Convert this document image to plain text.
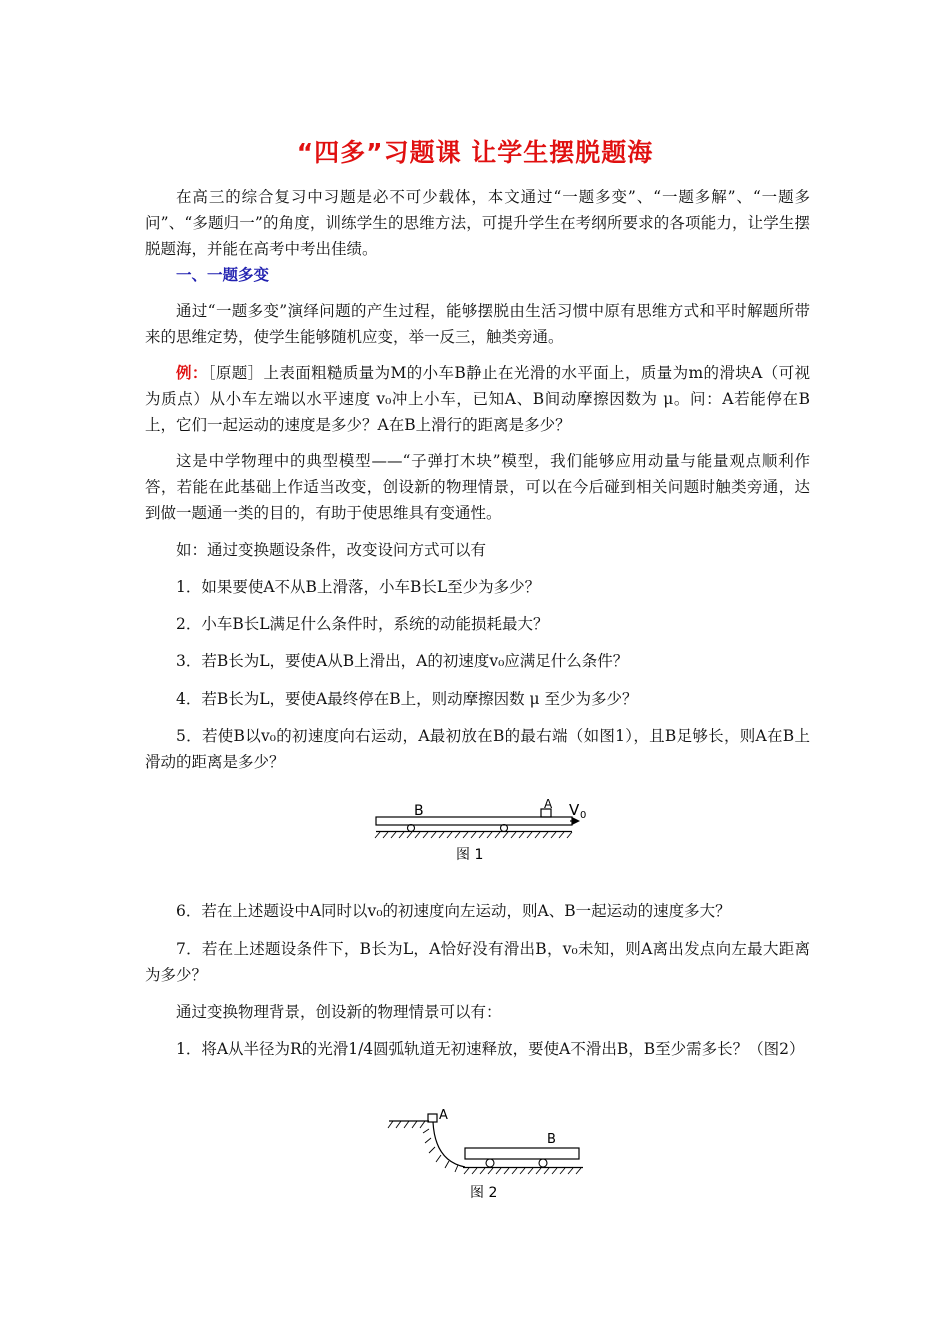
“四多”习题课 让学生摆脱题海

在高三的综合复习中习题是必不可少载体，本文通过“一题多变”、“一题多解”、“一题多问”、“多题归一”的角度，训练学生的思维方法，可提升学生在考纲所要求的各项能力，让学生摆脱题海，并能在高考中考出佳绩。

一、一题多变

通过“一题多变”演绎问题的产生过程，能够摆脱由生活习惯中原有思维方式和平时解题所带来的思维定势，使学生能够随机应变，举一反三，触类旁通。

例：［原题］上表面粗糙质量为M的小车B静止在光滑的水平面上，质量为m的滑块A（可视为质点）从小车左端以水平速度 v₀冲上小车，已知A、B间动摩擦因数为 μ。问：A若能停在B上，它们一起运动的速度是多少？A在B上滑行的距离是多少？

这是中学物理中的典型模型——“子弹打木块”模型，我们能够应用动量与能量观点顺利作答，若能在此基础上作适当改变，创设新的物理情景，可以在今后碰到相关问题时触类旁通，达到做一题通一类的目的，有助于使思维具有变通性。

如：通过变换题设条件，改变设问方式可以有

1．如果要使A不从B上滑落，小车B长L至少为多少？

2．小车B长L满足什么条件时，系统的动能损耗最大？

3．若B长为L，要使A从B上滑出，A的初速度v₀应满足什么条件？

4．若B长为L，要使A最终停在B上，则动摩擦因数 μ 至少为多少？

5．若使B以v₀的初速度向右运动，A最初放在B的最右端（如图1），且B足够长，则A在B上滑动的距离是多少？

B	A V 0
图 1

6．若在上述题设中A同时以v₀的初速度向左运动，则A、B一起运动的速度多大？

7．若在上述题设条件下，B长为L，A恰好没有滑出B，v₀未知，则A离出发点向左最大距离为多少？

通过变换物理背景，创设新的物理情景可以有：

1．将A从半径为R的光滑1/4圆弧轨道无初速释放，要使A不滑出B，B至少需多长？（图2）

A
B
图 2
